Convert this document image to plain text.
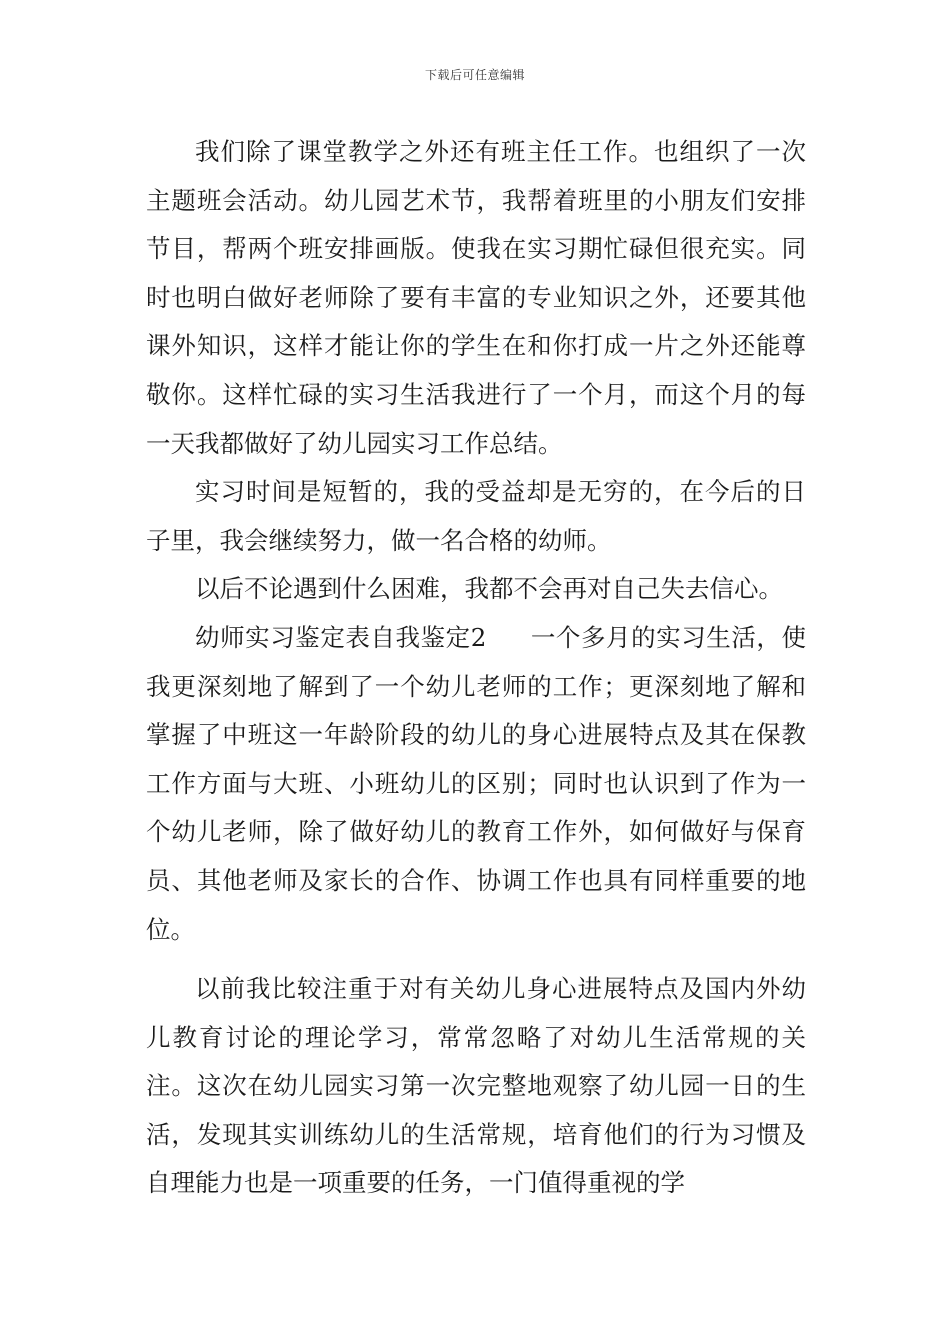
下载后可任意编辑

我们除了课堂教学之外还有班主任工作。也组织了一次主题班会活动。幼儿园艺术节，我帮着班里的小朋友们安排节目，帮两个班安排画版。使我在实习期忙碌但很充实。同时也明白做好老师除了要有丰富的专业知识之外，还要其他课外知识，这样才能让你的学生在和你打成一片之外还能尊敬你。这样忙碌的实习生活我进行了一个月，而这个月的每一天我都做好了幼儿园实习工作总结。

实习时间是短暂的，我的受益却是无穷的，在今后的日子里，我会继续努力，做一名合格的幼师。

以后不论遇到什么困难，我都不会再对自己失去信心。

幼师实习鉴定表自我鉴定2 一个多月的实习生活，使我更深刻地了解到了一个幼儿老师的工作；更深刻地了解和掌握了中班这一年龄阶段的幼儿的身心进展特点及其在保教工作方面与大班、小班幼儿的区别；同时也认识到了作为一个幼儿老师，除了做好幼儿的教育工作外，如何做好与保育员、其他老师及家长的合作、协调工作也具有同样重要的地位。

以前我比较注重于对有关幼儿身心进展特点及国内外幼儿教育讨论的理论学习，常常忽略了对幼儿生活常规的关注。这次在幼儿园实习第一次完整地观察了幼儿园一日的生活，发现其实训练幼儿的生活常规，培育他们的行为习惯及自理能力也是一项重要的任务，一门值得重视的学
